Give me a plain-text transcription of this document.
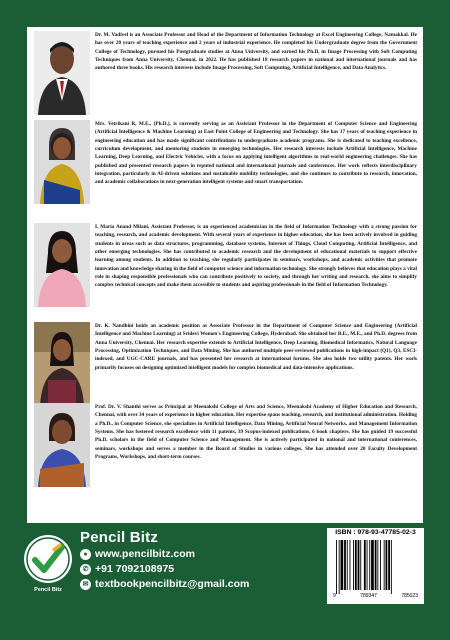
Dr. M. Vadivel is an Associate Professor and Head of the Department of Information Technology at Excel Engineering College, Namakkal. He has over 20 years of teaching experience and 2 years of industrial experience. He completed his Undergraduate degree from the Government College of Technology, pursued his Postgraduate studies at Anna University, and earned his Ph.D. in Image Processing with Soft Computing Techniques from Anna University, Chennai, in 2022. He has published 18 research papers in national and international journals and has authored three books. His research interests include Image Processing, Soft Computing, Artificial Intelligence, and Data Analytics.

Mrs. Vetrikani R, M.E., (Ph.D.), is currently serving as an Assistant Professor in the Department of Computer Science and Engineering (Artificial Intelligence & Machine Learning) at East Point College of Engineering and Technology. She has 17 years of teaching experience in engineering education and has made significant contributions to undergraduate academic programs. She is dedicated to teaching excellence, curriculum development, and mentoring students in emerging technologies. Her research interests include Artificial Intelligence, Machine Learning, Deep Learning, and Electric Vehicles, with a focus on applying intelligent algorithms to real-world engineering challenges. She has published and presented research papers in reputed national and international journals and conferences. Her work reflects interdisciplinary integration, particularly in AI-driven solutions and sustainable mobility technologies, and she continues to contribute to research, innovation, and academic collaborations in next-generation intelligent systems and smart transportation.

I. Maria Anand Milani, Assistant Professor, is an experienced academician in the field of Information Technology with a strong passion for teaching, research, and academic development. With several years of experience in higher education, she has been actively involved in guiding students in areas such as data structures, programming, database systems, Internet of Things, Cloud Computing, Artificial Intelligence, and other emerging technologies. She has contributed to academic research and the development of educational materials to support effective learning among students. In addition to teaching, she regularly participates in seminars, workshops, and academic activities that promote innovation and knowledge sharing in the field of computer science and information technology. She strongly believes that education plays a vital role in shaping responsible professionals who can contribute positively to society, and through her writing and research, she aims to simplify complex technical concepts and make them accessible to students and aspiring professionals in the field of Information Technology.

Dr. K. Nandhini holds an academic position as Associate Professor in the Department of Computer Science and Engineering (Artificial Intelligence and Machine Learning) at Sridevi Women's Engineering College, Hyderabad. She obtained her B.E., M.E., and Ph.D. degrees from Anna University, Chennai. Her research expertise extends to Artificial Intelligence, Deep Learning, Biomedical Informatics, Natural Language Processing, Optimization Techniques, and Data Mining. She has authored multiple peer-reviewed publications in high-impact (Q1), Q3, ESCI-indexed, and UGC-CARE journals, and has presented her research at international forums. She also holds two utility patents. Her work primarily focuses on designing optimized intelligent models for complex biomedical and data-intensive applications.

Prof. Dr. V. Shanthi serves as Principal at Meenakshi College of Arts and Science, Meenakshi Academy of Higher Education and Research, Chennai, with over 34 years of experience in higher education. Her expertise spans teaching, research, and institutional administration. Holding a Ph.D., in Computer Science, she specializes in Artificial Intelligence, Data Mining, Artificial Neural Networks, and Management Information Systems. She has fostered research excellence with 11 patents, 39 Scopus-indexed publications, 6 book chapters. She has guided 19 successful Ph.D. scholars in the field of Computer Science and Management. She is actively participated in national and international conferences, seminars, workshops and serves a member in the Board of Studies in various colleges. She has attended over 20 Faculty Development Programs, Workshops, and short-term courses.

Pencil Bitz
Pencil Bitz
● www.pencilbitz.com
✆ +91 7092108975
✉ textbookpencilbitz@gmail.com
ISBN : 978-93-47785-02-3
9	789347	785023
